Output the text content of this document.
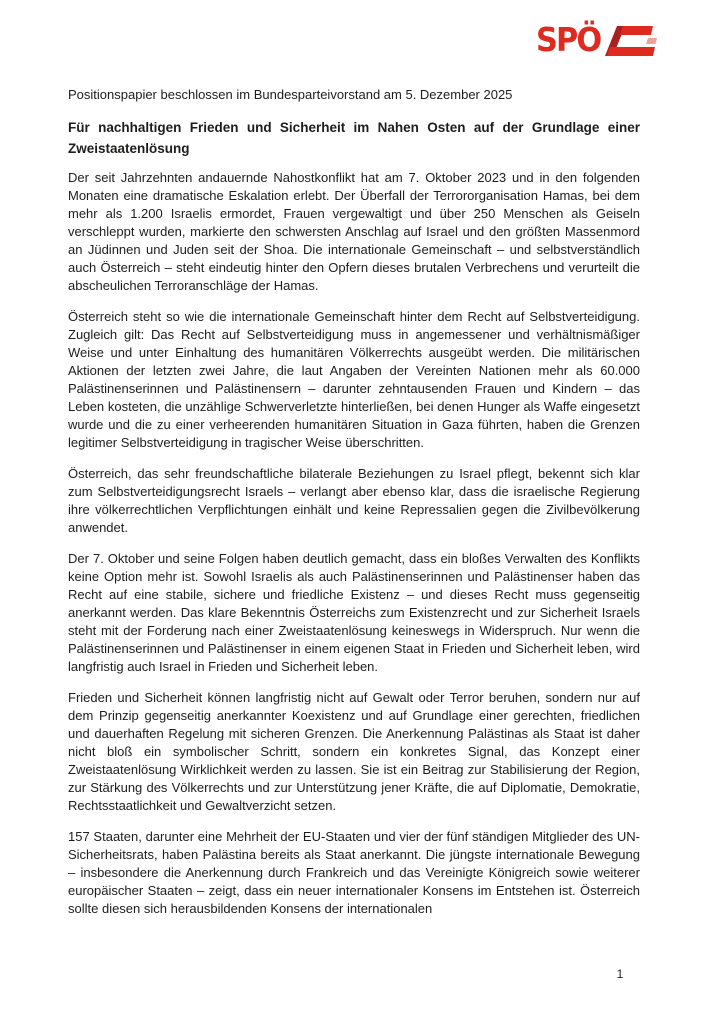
SPÖ

Positionspapier beschlossen im Bundesparteivorstand am 5. Dezember 2025

Für nachhaltigen Frieden und Sicherheit im Nahen Osten auf der Grundlage einer Zweistaatenlösung

Der seit Jahrzehnten andauernde Nahostkonflikt hat am 7. Oktober 2023 und in den folgenden Monaten eine dramatische Eskalation erlebt. Der Überfall der Terrororganisation Hamas, bei dem mehr als 1.200 Israelis ermordet, Frauen vergewaltigt und über 250 Menschen als Geiseln verschleppt wurden, markierte den schwersten Anschlag auf Israel und den größten Massenmord an Jüdinnen und Juden seit der Shoa. Die internationale Gemeinschaft – und selbstverständlich auch Österreich – steht eindeutig hinter den Opfern dieses brutalen Verbrechens und verurteilt die abscheulichen Terroranschläge der Hamas.

Österreich steht so wie die internationale Gemeinschaft hinter dem Recht auf Selbstverteidigung. Zugleich gilt: Das Recht auf Selbstverteidigung muss in angemessener und verhältnismäßiger Weise und unter Einhaltung des humanitären Völkerrechts ausgeübt werden. Die militärischen Aktionen der letzten zwei Jahre, die laut Angaben der Vereinten Nationen mehr als 60.000 Palästinenserinnen und Palästinensern – darunter zehntausenden Frauen und Kindern – das Leben kosteten, die unzählige Schwerverletzte hinterließen, bei denen Hunger als Waffe eingesetzt wurde und die zu einer verheerenden humanitären Situation in Gaza führten, haben die Grenzen legitimer Selbstverteidigung in tragischer Weise überschritten.

Österreich, das sehr freundschaftliche bilaterale Beziehungen zu Israel pflegt, bekennt sich klar zum Selbstverteidigungsrecht Israels – verlangt aber ebenso klar, dass die israelische Regierung ihre völkerrechtlichen Verpflichtungen einhält und keine Repressalien gegen die Zivilbevölkerung anwendet.

Der 7. Oktober und seine Folgen haben deutlich gemacht, dass ein bloßes Verwalten des Konflikts keine Option mehr ist. Sowohl Israelis als auch Palästinenserinnen und Palästinenser haben das Recht auf eine stabile, sichere und friedliche Existenz – und dieses Recht muss gegenseitig anerkannt werden. Das klare Bekenntnis Österreichs zum Existenzrecht und zur Sicherheit Israels steht mit der Forderung nach einer Zweistaatenlösung keineswegs in Widerspruch. Nur wenn die Palästinenserinnen und Palästinenser in einem eigenen Staat in Frieden und Sicherheit leben, wird langfristig auch Israel in Frieden und Sicherheit leben.

Frieden und Sicherheit können langfristig nicht auf Gewalt oder Terror beruhen, sondern nur auf dem Prinzip gegenseitig anerkannter Koexistenz und auf Grundlage einer gerechten, friedlichen und dauerhaften Regelung mit sicheren Grenzen. Die Anerkennung Palästinas als Staat ist daher nicht bloß ein symbolischer Schritt, sondern ein konkretes Signal, das Konzept einer Zweistaatenlösung Wirklichkeit werden zu lassen. Sie ist ein Beitrag zur Stabilisierung der Region, zur Stärkung des Völkerrechts und zur Unterstützung jener Kräfte, die auf Diplomatie, Demokratie, Rechtsstaatlichkeit und Gewaltverzicht setzen.

157 Staaten, darunter eine Mehrheit der EU-Staaten und vier der fünf ständigen Mitglieder des UN-Sicherheitsrats, haben Palästina bereits als Staat anerkannt. Die jüngste internationale Bewegung – insbesondere die Anerkennung durch Frankreich und das Vereinigte Königreich sowie weiterer europäischer Staaten – zeigt, dass ein neuer internationaler Konsens im Entstehen ist. Österreich sollte diesen sich herausbildenden Konsens der internationalen

1
